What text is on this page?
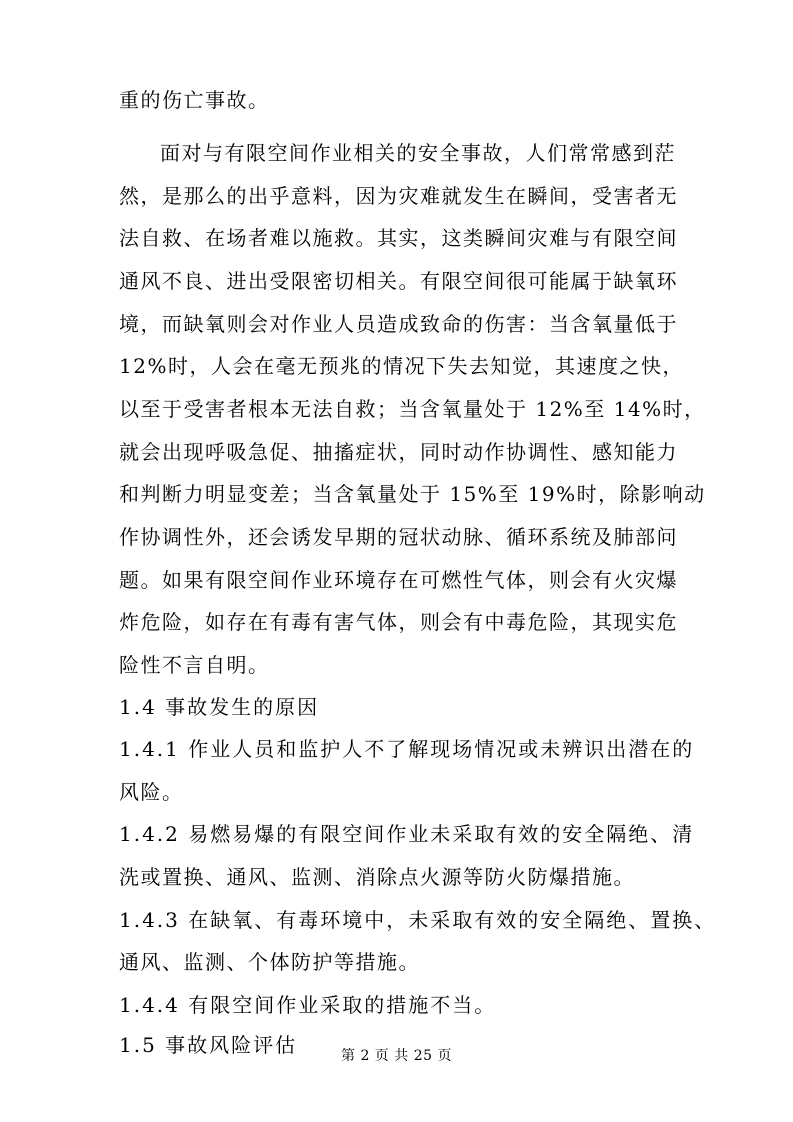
重的伤亡事故。
面对与有限空间作业相关的安全事故，人们常常感到茫
然，是那么的出乎意料，因为灾难就发生在瞬间，受害者无
法自救、在场者难以施救。其实，这类瞬间灾难与有限空间
通风不良、进出受限密切相关。有限空间很可能属于缺氧环
境，而缺氧则会对作业人员造成致命的伤害：当含氧量低于
12%时，人会在毫无预兆的情况下失去知觉，其速度之快，
以至于受害者根本无法自救；当含氧量处于 12%至 14%时，
就会出现呼吸急促、抽搐症状，同时动作协调性、感知能力
和判断力明显变差；当含氧量处于 15%至 19%时，除影响动
作协调性外，还会诱发早期的冠状动脉、循环系统及肺部问
题。如果有限空间作业环境存在可燃性气体，则会有火灾爆
炸危险，如存在有毒有害气体，则会有中毒危险，其现实危
险性不言自明。
1.4 事故发生的原因
1.4.1 作业人员和监护人不了解现场情况或未辨识出潜在的
风险。
1.4.2 易燃易爆的有限空间作业未采取有效的安全隔绝、清
洗或置换、通风、监测、消除点火源等防火防爆措施。
1.4.3 在缺氧、有毒环境中，未采取有效的安全隔绝、置换、
通风、监测、个体防护等措施。
1.4.4 有限空间作业采取的措施不当。
1.5 事故风险评估	第 2 页 共 25 页
